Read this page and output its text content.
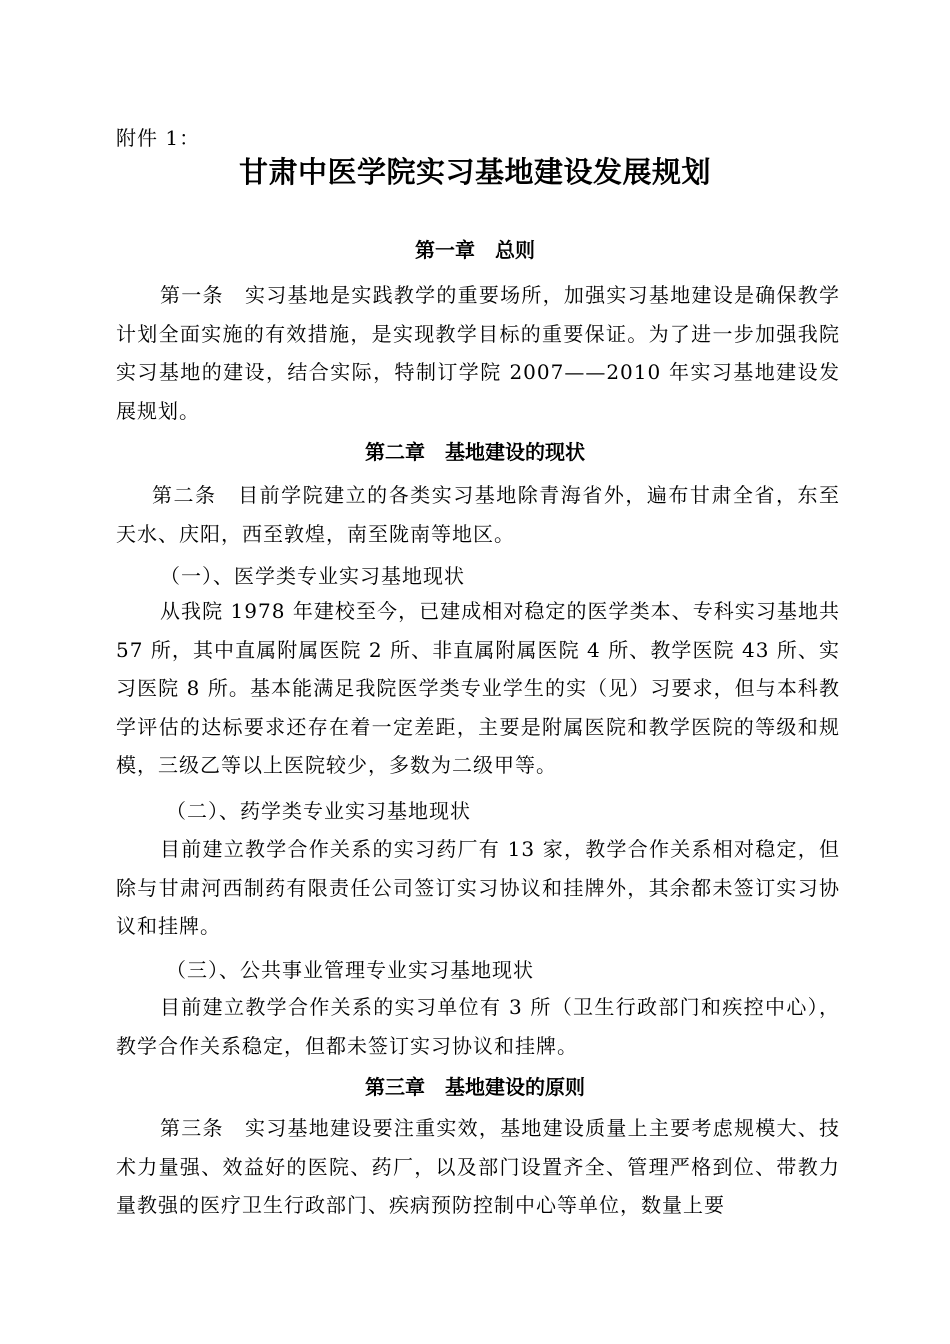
附件 1：
甘肃中医学院实习基地建设发展规划
第一章　总则
第一条　实习基地是实践教学的重要场所，加强实习基地建设是确保教学计划全面实施的有效措施，是实现教学目标的重要保证。为了进一步加强我院实习基地的建设，结合实际，特制订学院 2007——2010 年实习基地建设发展规划。
第二章　基地建设的现状
第二条　目前学院建立的各类实习基地除青海省外，遍布甘肃全省，东至天水、庆阳，西至敦煌，南至陇南等地区。
（一）、医学类专业实习基地现状
从我院 1978 年建校至今，已建成相对稳定的医学类本、专科实习基地共 57 所，其中直属附属医院 2 所、非直属附属医院 4 所、教学医院 43 所、实习医院 8 所。基本能满足我院医学类专业学生的实（见）习要求，但与本科教学评估的达标要求还存在着一定差距，主要是附属医院和教学医院的等级和规模，三级乙等以上医院较少，多数为二级甲等。
（二）、药学类专业实习基地现状
目前建立教学合作关系的实习药厂有 13 家，教学合作关系相对稳定，但除与甘肃河西制药有限责任公司签订实习协议和挂牌外，其余都未签订实习协议和挂牌。
（三）、公共事业管理专业实习基地现状
目前建立教学合作关系的实习单位有 3 所（卫生行政部门和疾控中心），教学合作关系稳定，但都未签订实习协议和挂牌。
第三章　基地建设的原则
第三条　实习基地建设要注重实效，基地建设质量上主要考虑规模大、技术力量强、效益好的医院、药厂，以及部门设置齐全、管理严格到位、带教力量教强的医疗卫生行政部门、疾病预防控制中心等单位，数量上要
